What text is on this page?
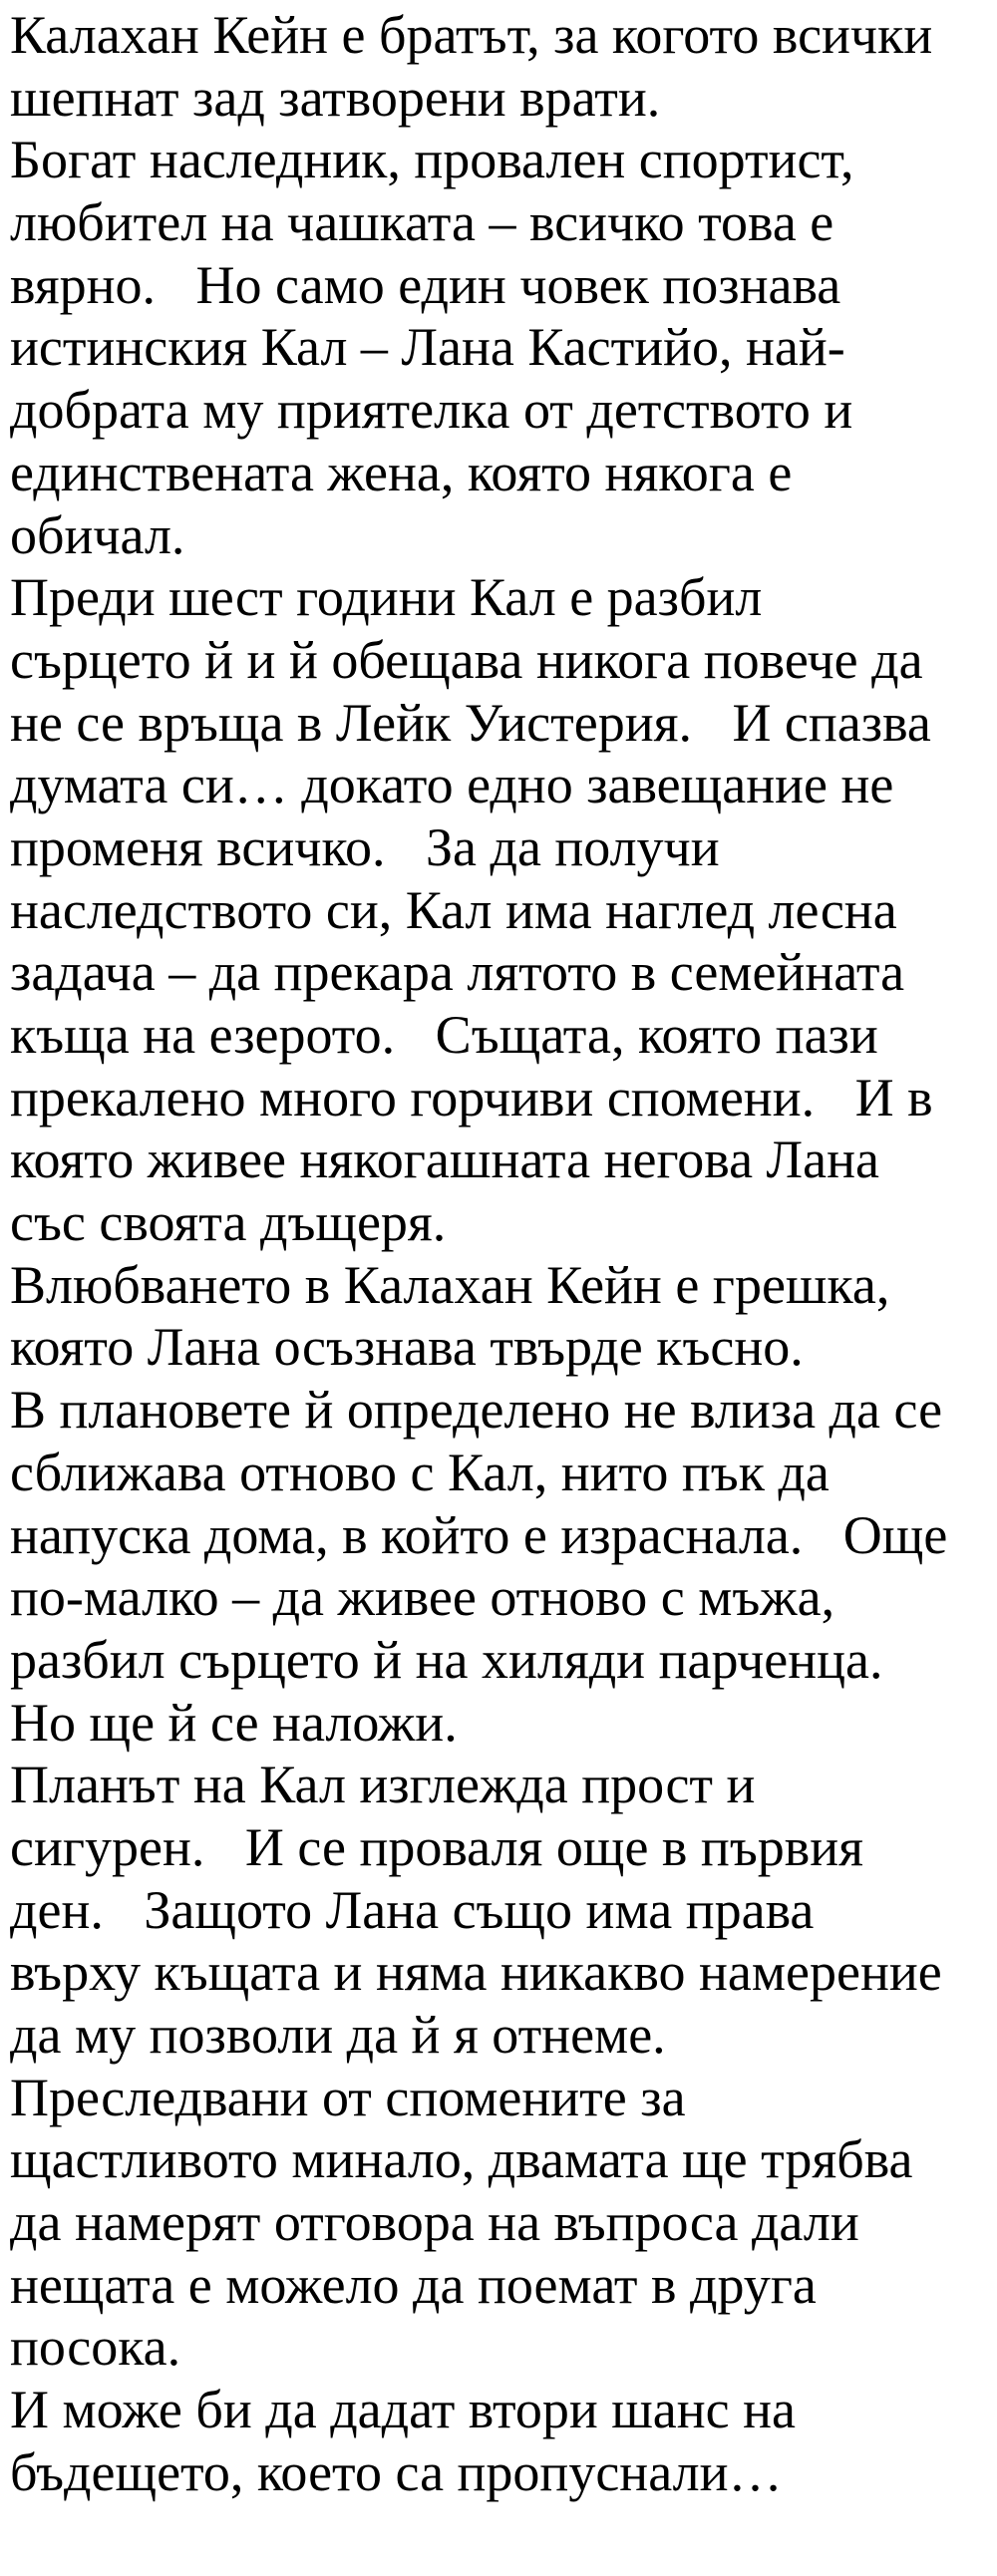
Калахан Кейн е братът, за когото всички
шепнат зад затворени врати.
Богат наследник, провален спортист,
любител на чашката – всичко това е
вярно.   Но само един човек познава
истинския Кал – Лана Кастийо, най-
добрата му приятелка от детството и
единствената жена, която някога е
обичал.
Преди шест години Кал е разбил
сърцето й и й обещава никога повече да
не се връща в Лейк Уистерия.   И спазва
думата си… докато едно завещание не
променя всичко.   За да получи
наследството си, Кал има наглед лесна
задача – да прекара лятото в семейната
къща на езерото.   Същата, която пази
прекалено много горчиви спомени.   И в
която живее някогашната негова Лана
със своята дъщеря.
Влюбването в Калахан Кейн е грешка,
която Лана осъзнава твърде късно.
В плановете й определено не влиза да се
сближава отново с Кал, нито пък да
напуска дома, в който е израснала.   Още
по-малко – да живее отново с мъжа,
разбил сърцето й на хиляди парченца.
Но ще й се наложи.
Планът на Кал изглежда прост и
сигурен.   И се проваля още в първия
ден.   Защото Лана също има права
върху къщата и няма никакво намерение
да му позволи да й я отнеме.
Преследвани от спомените за
щастливото минало, двамата ще трябва
да намерят отговора на въпроса дали
нещата е можело да поемат в друга
посока.
И може би да дадат втори шанс на
бъдещето, което са пропуснали…
